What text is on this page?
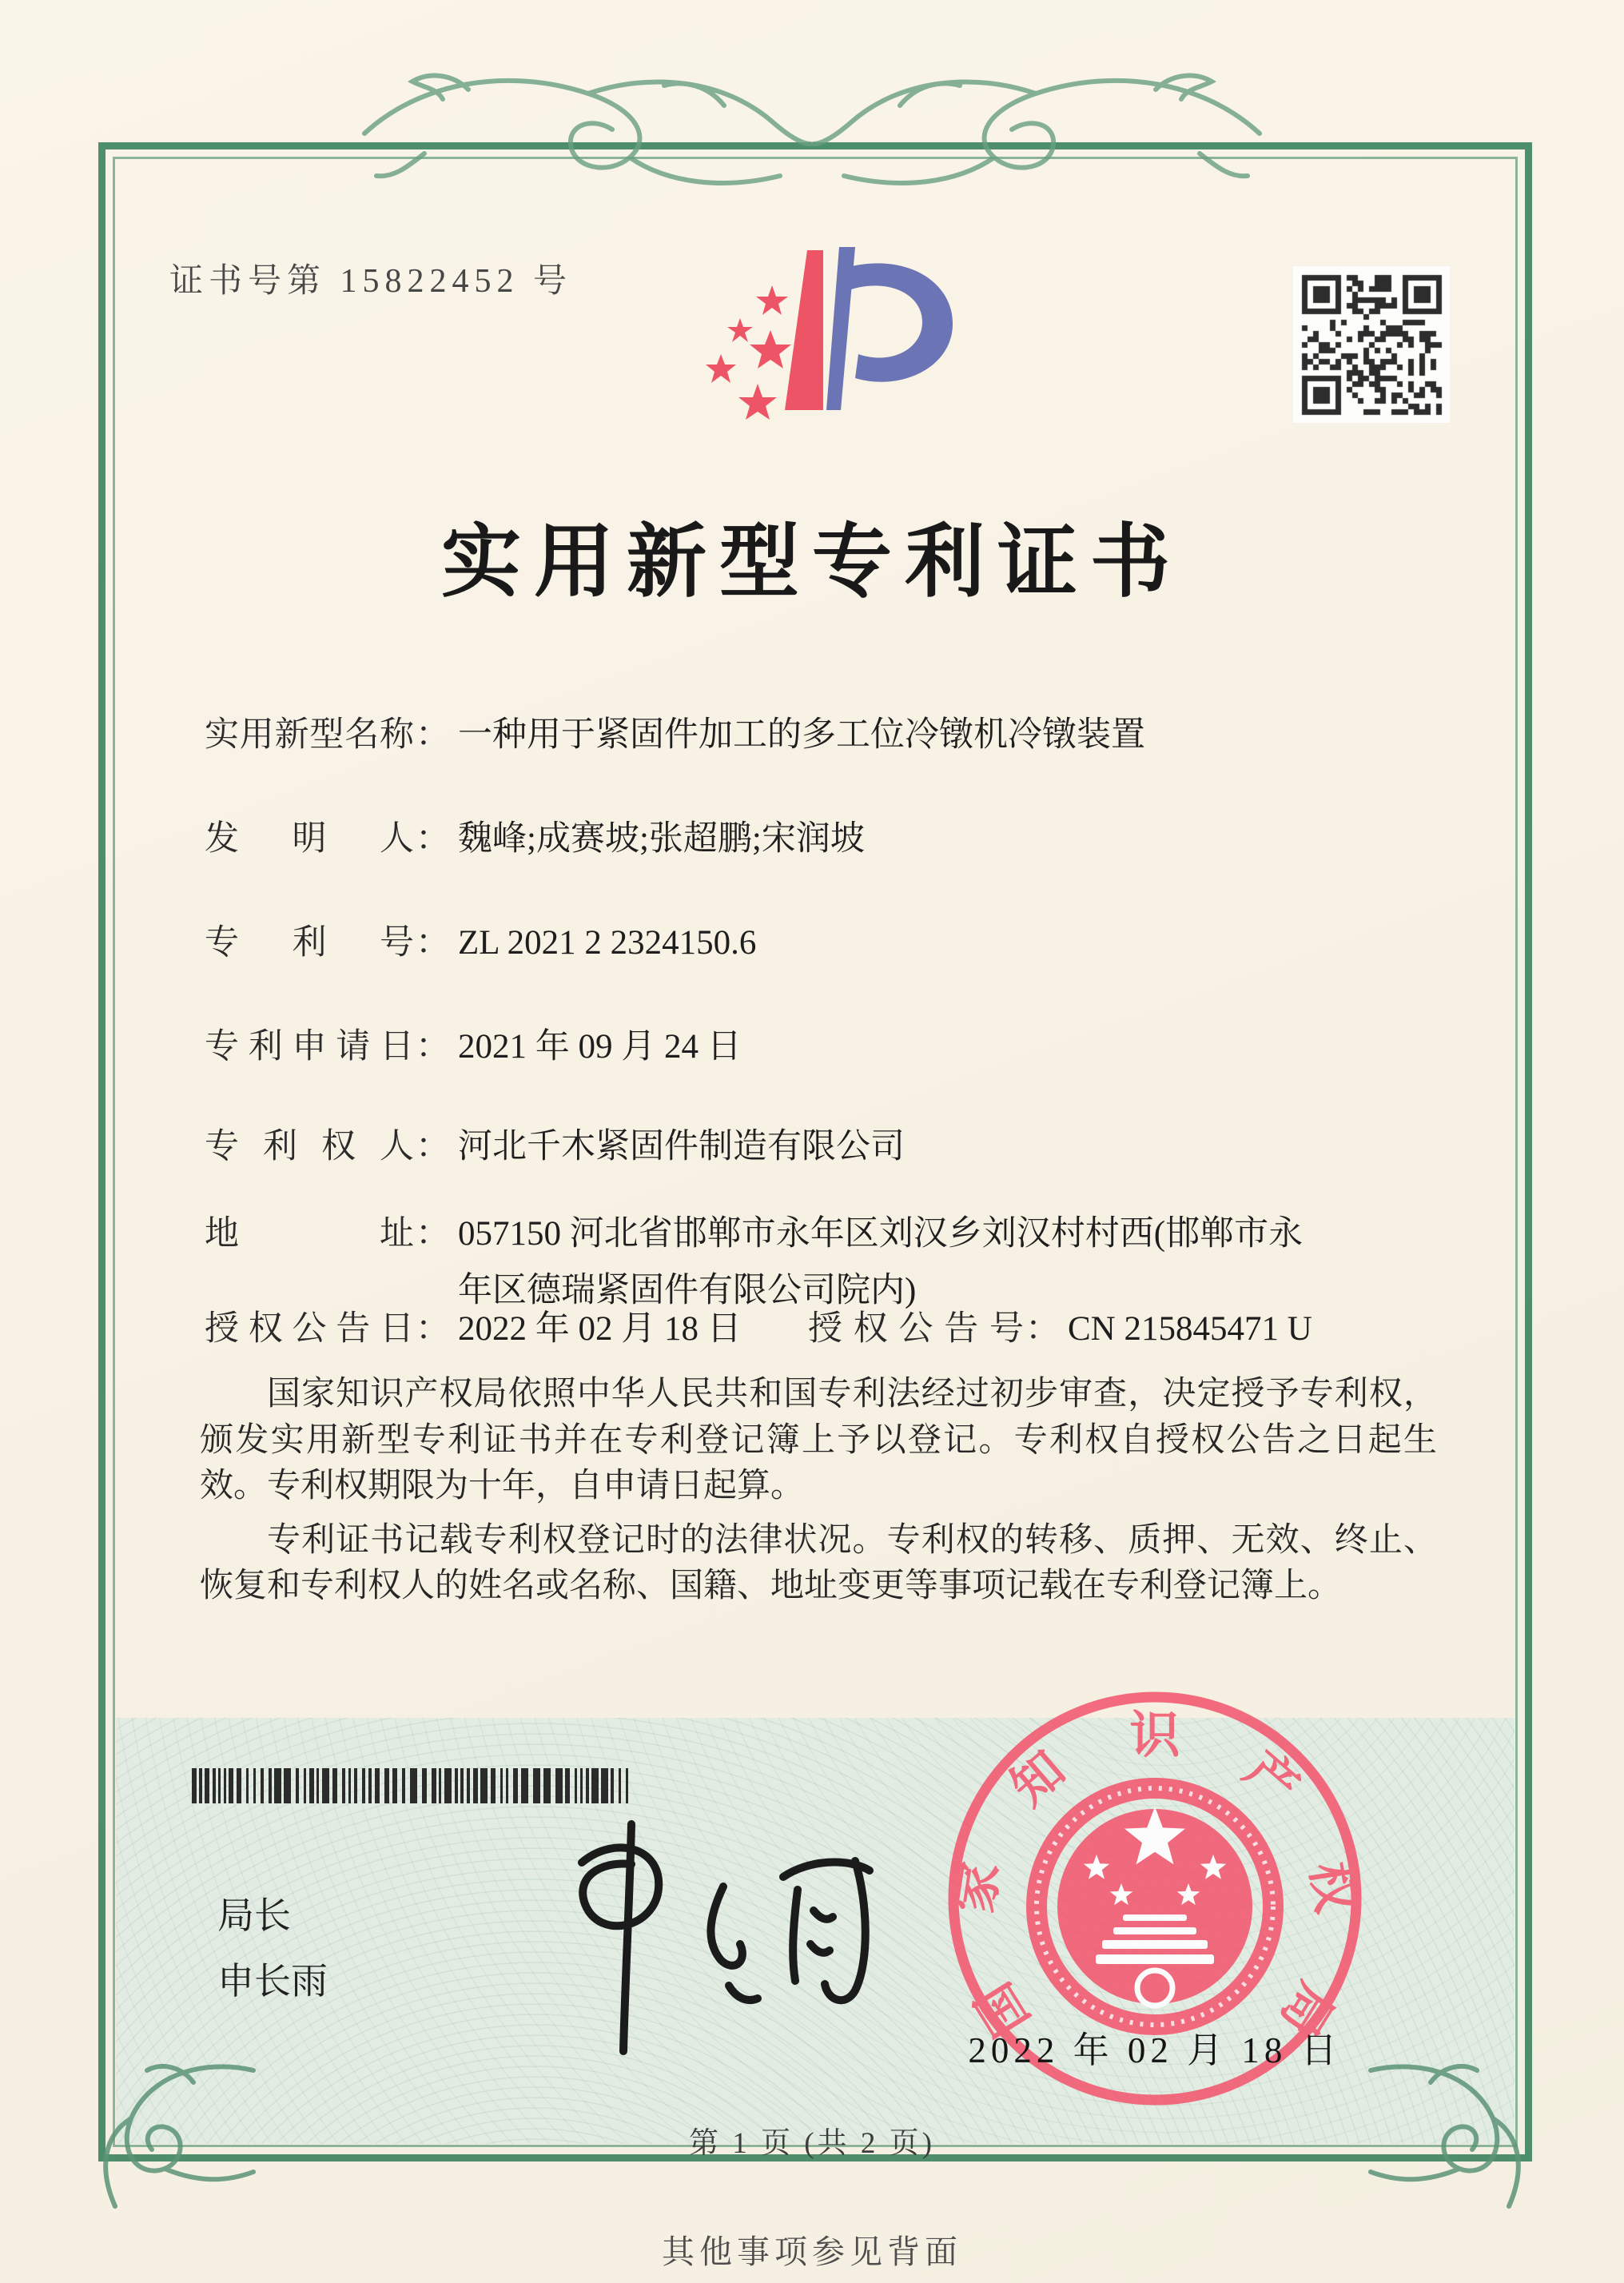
证书号第 15822452 号
实用新型专利证书
实用新型名称 ： 一种用于紧固件加工的多工位冷镦机冷镦装置
发明人 ： 魏峰;成赛坡;张超鹏;宋润坡
专利号 ： ZL 2021 2 2324150.6
专利申请日 ： 2021 年 09 月 24 日
专利权人 ： 河北千木紧固件制造有限公司
地址 ： 057150 河北省邯郸市永年区刘汉乡刘汉村村西(邯郸市永年区德瑞紧固件有限公司院内)
授权公告日 ： 2022 年 02 月 18 日 授权公告号 ： CN 215845471 U

国家知识产权局依照中华人民共和国专利法经过初步审查，决定授予专利权，颁发实用新型专利证书并在专利登记簿上予以登记。专利权自授权公告之日起生效。专利权期限为十年，自申请日起算。

专利证书记载专利权登记时的法律状况。专利权的转移、质押、无效、终止、恢复和专利权人的姓名或名称、国籍、地址变更等事项记载在专利登记簿上。

局长
申长雨	国
家
知
识
产
权
局
2022 年 02 月 18 日
第 1 页 (共 2 页)
其他事项参见背面
